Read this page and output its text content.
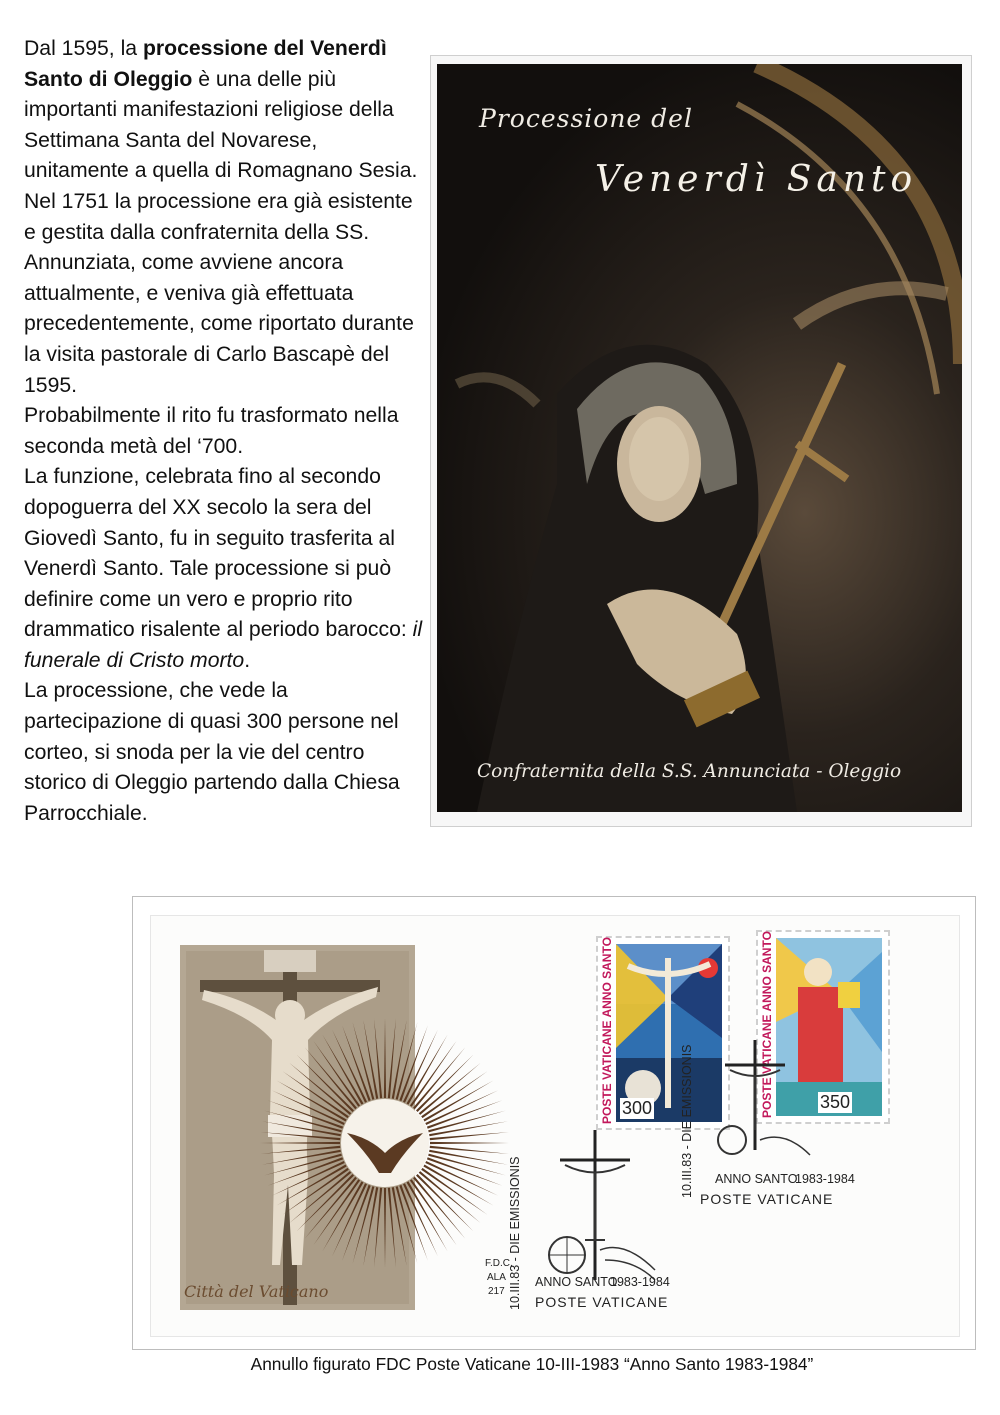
Dal 1595, la processione del Venerdì Santo di Oleggio è una delle più importanti manifestazioni religiose della Settimana Santa del Novarese, unitamente a quella di Romagnano Sesia.

Nel 1751 la processione era già esistente e gestita dalla confraternita della SS. Annunziata, come avviene ancora attualmente, e veniva già effettuata precedentemente, come riportato durante la visita pastorale di Carlo Bascapè del 1595.

Probabilmente il rito fu trasformato nella seconda metà del ‘700.

La funzione, celebrata fino al secondo dopoguerra del XX secolo la sera del Giovedì Santo, fu in seguito trasferita al Venerdì Santo. Tale processione si può definire come un vero e proprio rito drammatico risalente al periodo barocco: il funerale di Cristo morto.

La processione, che vede la partecipazione di quasi 300 persone nel corteo, si snoda per la vie del centro storico di Oleggio partendo dalla Chiesa Parrocchiale.

Processione del
Venerdì Santo
Confraternita della S.S. Annunciata - Oleggio
Città del Vaticano	10.III.83 - DIE EMISSIONIS ANNO SANTO
1983-1984
POSTE VATICANE
F.D.C.
ALA
217
POSTE VATICANE ANNO SANTO 300	POSTE VATICANE ANNO SANTO	350
10.III.83 - DIE EMISSIONIS ANNO SANTO
1983-1984
POSTE VATICANE
Annullo figurato FDC Poste Vaticane 10-III-1983 “Anno Santo 1983-1984”
